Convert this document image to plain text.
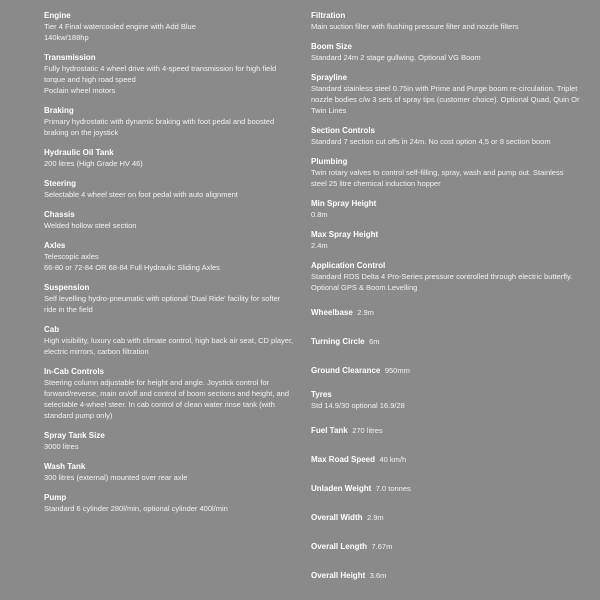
Engine
Tier 4 Final watercooled engine with Add Blue
140kw/188hp
Transmission
Fully hydrostatic 4 wheel drive with 4-speed transmission for high field torque and high road speed
Poclain wheel motors
Braking
Primary hydrostatic with dynamic braking with foot pedal and boosted braking on the joystick
Hydraulic Oil Tank
200 litres (High Grade HV 46)
Steering
Selectable 4 wheel steer on foot pedal with auto alignment
Chassis
Welded hollow steel section
Axles
Telescopic axles
66-80 or 72-84 OR 68-84 Full Hydraulic Sliding Axles
Suspension
Self levelling hydro-pneumatic with optional 'Dual Ride' facility for softer ride in the field
Cab
High visibility, luxury cab with climate control, high back air seat, CD player, electric mirrors, carbon filtration
In-Cab Controls
Steering column adjustable for height and angle. Joystick control for forward/reverse, main on/off and control of boom sections and height, and selectable 4-wheel steer. In cab control of clean water rinse tank (with standard pump only)
Spray Tank Size
3000 litres
Wash Tank
300 litres (external) mounted over rear axle
Pump
Standard 6 cylinder 280l/min, optional cylinder 400l/min
Filtration
Main suction filter with flushing pressure filter and nozzle filters
Boom Size
Standard 24m 2 stage gullwing. Optional VG Boom
Sprayline
Standard stainless steel 0.75in with Prime and Purge boom re-circulation. Triplet nozzle bodies c/w 3 sets of spray tips (customer choice). Optional Quad, Quin Or Twin Lines
Section Controls
Standard 7 section cut offs in 24m. No cost option 4,5 or 8 section boom
Plumbing
Twin rotary valves to control self-filling, spray, wash and pump out. Stainless steel 25 litre chemical induction hopper
Min Spray Height
0.8m
Max Spray Height
2.4m
Application Control
Standard RDS Delta 4 Pro-Series pressure controlled through electric butterfly. Optional GPS & Boom Levelling
Wheelbase 2.9m
Turning Circle 6m
Ground Clearance 950mm
Tyres
Std 14.9/30 optional 16.9/28
Fuel Tank 270 litres
Max Road Speed 40 km/h
Unladen Weight 7.0 tonnes
Overall Width 2.9m
Overall Length 7.67m
Overall Height 3.6m
